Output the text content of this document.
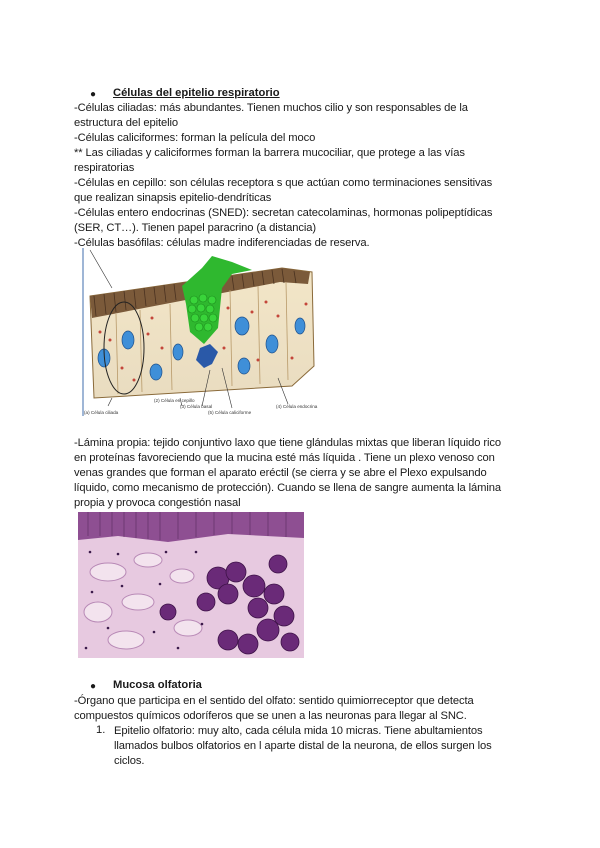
● Células del epitelio respiratorio
-Células ciliadas: más abundantes. Tienen muchos cilio y son responsables de la
estructura del epitelio
-Células caliciformes: forman la película del moco
** Las ciliadas y caliciformes forman la barrera mucociliar, que protege a las vías
respiratorias
-Células en cepillo: son células receptora s que actúan como terminaciones sensitivas
que realizan sinapsis epitelio-dendríticas
-Células entero endocrinas (SNED): secretan catecolaminas, hormonas polipeptídicas
(SER, CT…). Tienen papel paracrino (a distancia)
-Células basófilas: células madre indiferenciadas de reserva.
(a) Célula ciliada
(2) Célula en cepillo
(3) Célula basal	(4) Célula endocrina
(5) Célula caliciforme
-Lámina propia: tejido conjuntivo laxo que tiene glándulas mixtas que liberan líquido rico
en proteínas favoreciendo que la mucina esté más líquida . Tiene un plexo venoso con
venas grandes que forman el aparato eréctil (se cierra y se abre el Plexo expulsando
líquido, como mecanismo de protección). Cuando se llena de sangre aumenta la lámina
propia y provoca congestión nasal
● Mucosa olfatoria
-Órgano que participa en el sentido del olfato: sentido quimiorreceptor que detecta
compuestos químicos odoríferos que se unen a las neuronas para llegar al SNC.
1. Epitelio olfatorio: muy alto, cada célula mida 10 micras. Tiene abultamientos
llamados bulbos olfatorios en l aparte distal de la neurona, de ellos surgen los
ciclos.
